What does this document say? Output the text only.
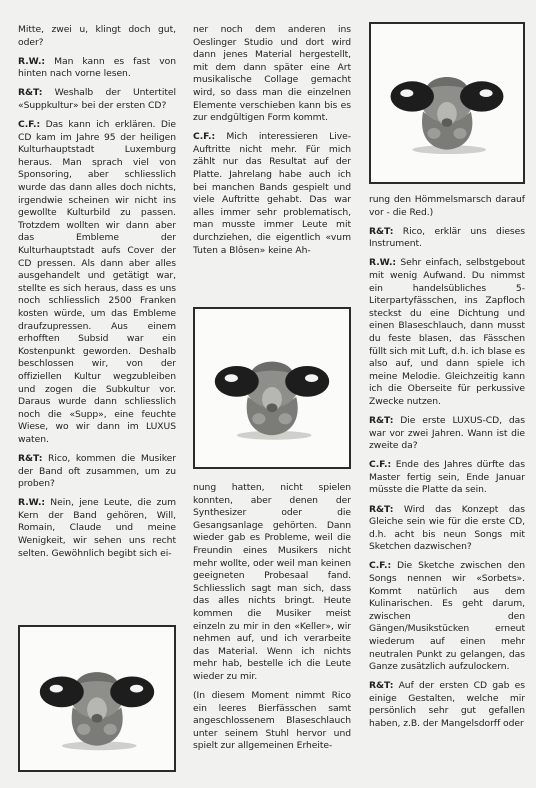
Mitte, zwei u, klingt doch gut, oder?

R.W.: Man kann es fast von hinten nach vorne lesen.

R&T: Weshalb der Untertitel «Suppkultur» bei der ersten CD?

C.F.: Das kann ich erklären. Die CD kam im Jahre 95 der heiligen Kulturhauptstadt Luxemburg heraus. Man sprach viel von Sponsoring, aber schliesslich wurde das dann alles doch nichts, irgendwie scheinen wir nicht ins gewollte Kulturbild zu passen. Trotzdem wollten wir dann aber das Embleme der Kulturhauptstadt aufs Cover der CD pressen. Als dann aber alles ausgehandelt und getätigt war, stellte es sich heraus, dass es uns noch schliesslich 2500 Franken kosten würde, um das Embleme draufzupressen. Aus einem erhofften Subsid war ein Kostenpunkt geworden. Deshalb beschlossen wir, von der offiziellen Kultur wegzubleiben und zogen die Subkultur vor. Daraus wurde dann schliesslich noch die «Supp», eine feuchte Wiese, wo wir dann im LUXUS waten.

R&T: Rico, kommen die Musiker der Band oft zusammen, um zu proben?

R.W.: Nein, jene Leute, die zum Kern der Band gehören, Will, Romain, Claude und meine Wenigkeit, wir sehen uns recht selten. Gewöhnlich begibt sich ei-

ner noch dem anderen ins Oeslinger Studio und dort wird dann jenes Material hergestellt, mit dem dann später eine Art musikalische Collage gemacht wird, so dass man die einzelnen Elemente verschieben kann bis es zur endgültigen Form kommt.

C.F.: Mich interessieren Live-Auftritte nicht mehr. Für mich zählt nur das Resultat auf der Platte. Jahrelang habe auch ich bei manchen Bands gespielt und viele Auftritte gehabt. Das war alles immer sehr problematisch, man musste immer Leute mit durchziehen, die eigentlich «vum Tuten a Blôsen» keine Ah-

nung hatten, nicht spielen konnten, aber denen der Synthesizer oder die Gesangsanlage gehörten. Dann wieder gab es Probleme, weil die Freundin eines Musikers nicht mehr wollte, oder weil man keinen geeigneten Probesaal fand. Schliesslich sagt man sich, dass das alles nichts bringt. Heute kommen die Musiker meist einzeln zu mir in den «Keller», wir nehmen auf, und ich verarbeite das Material. Wenn ich nichts mehr hab, bestelle ich die Leute wieder zu mir.

(In diesem Moment nimmt Rico ein leeres Bierfässchen samt angeschlossenem Blaseschlauch unter seinem Stuhl hervor und spielt zur allgemeinen Erheite-

rung den Hömmelsmarsch darauf vor - die Red.)

R&T: Rico, erklär uns dieses Instrument.

R.W.: Sehr einfach, selbstgebout mit wenig Aufwand. Du nimmst ein handelsübliches 5-Literpartyfässchen, ins Zapfloch steckst du eine Dichtung und einen Blaseschlauch, dann musst du feste blasen, das Fässchen füllt sich mit Luft, d.h. ich blase es also auf, und dann spiele ich meine Melodie. Gleichzeitig kann ich die Oberseite für perkussive Zwecke nutzen.

R&T: Die erste LUXUS-CD, das war vor zwei Jahren. Wann ist die zweite da?

C.F.: Ende des Jahres dürfte das Master fertig sein, Ende Januar müsste die Platte da sein.

R&T: Wird das Konzept das Gleiche sein wie für die erste CD, d.h. acht bis neun Songs mit Sketchen dazwischen?

C.F.: Die Sketche zwischen den Songs nennen wir «Sorbets». Kommt natürlich aus dem Kulinarischen. Es geht darum, zwischen den Gängen/Musikstücken erneut wiederum auf einen mehr neutralen Punkt zu gelangen, das Ganze zusätzlich aufzulockern.

R&T: Auf der ersten CD gab es einige Gestalten, welche mir persönlich sehr gut gefallen haben, z.B. der Mangelsdorff oder
